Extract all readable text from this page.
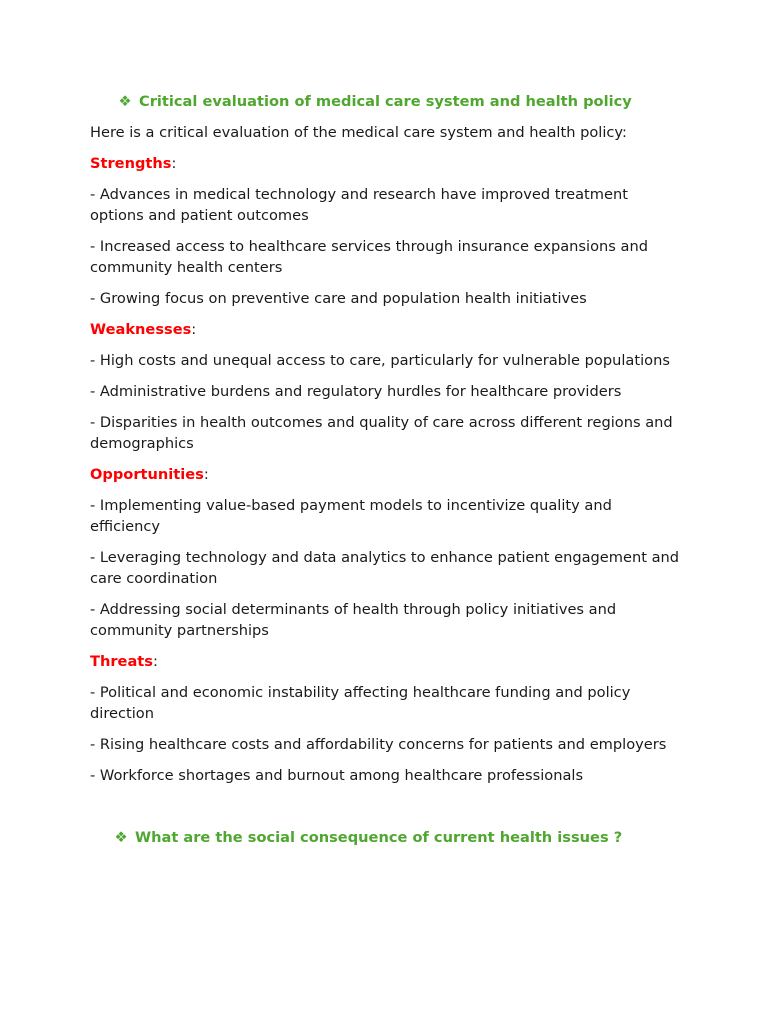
❖ Critical evaluation of medical care system and health policy

Here is a critical evaluation of the medical care system and health policy:

Strengths:

- Advances in medical technology and research have improved treatment options and patient outcomes

- Increased access to healthcare services through insurance expansions and community health centers

- Growing focus on preventive care and population health initiatives

Weaknesses:

- High costs and unequal access to care, particularly for vulnerable populations

- Administrative burdens and regulatory hurdles for healthcare providers

- Disparities in health outcomes and quality of care across different regions and demographics

Opportunities:

- Implementing value-based payment models to incentivize quality and efficiency

- Leveraging technology and data analytics to enhance patient engagement and care coordination

- Addressing social determinants of health through policy initiatives and community partnerships

Threats:

- Political and economic instability affecting healthcare funding and policy direction

- Rising healthcare costs and affordability concerns for patients and employers

- Workforce shortages and burnout among healthcare professionals

❖ What are the social consequence of current health issues ?
